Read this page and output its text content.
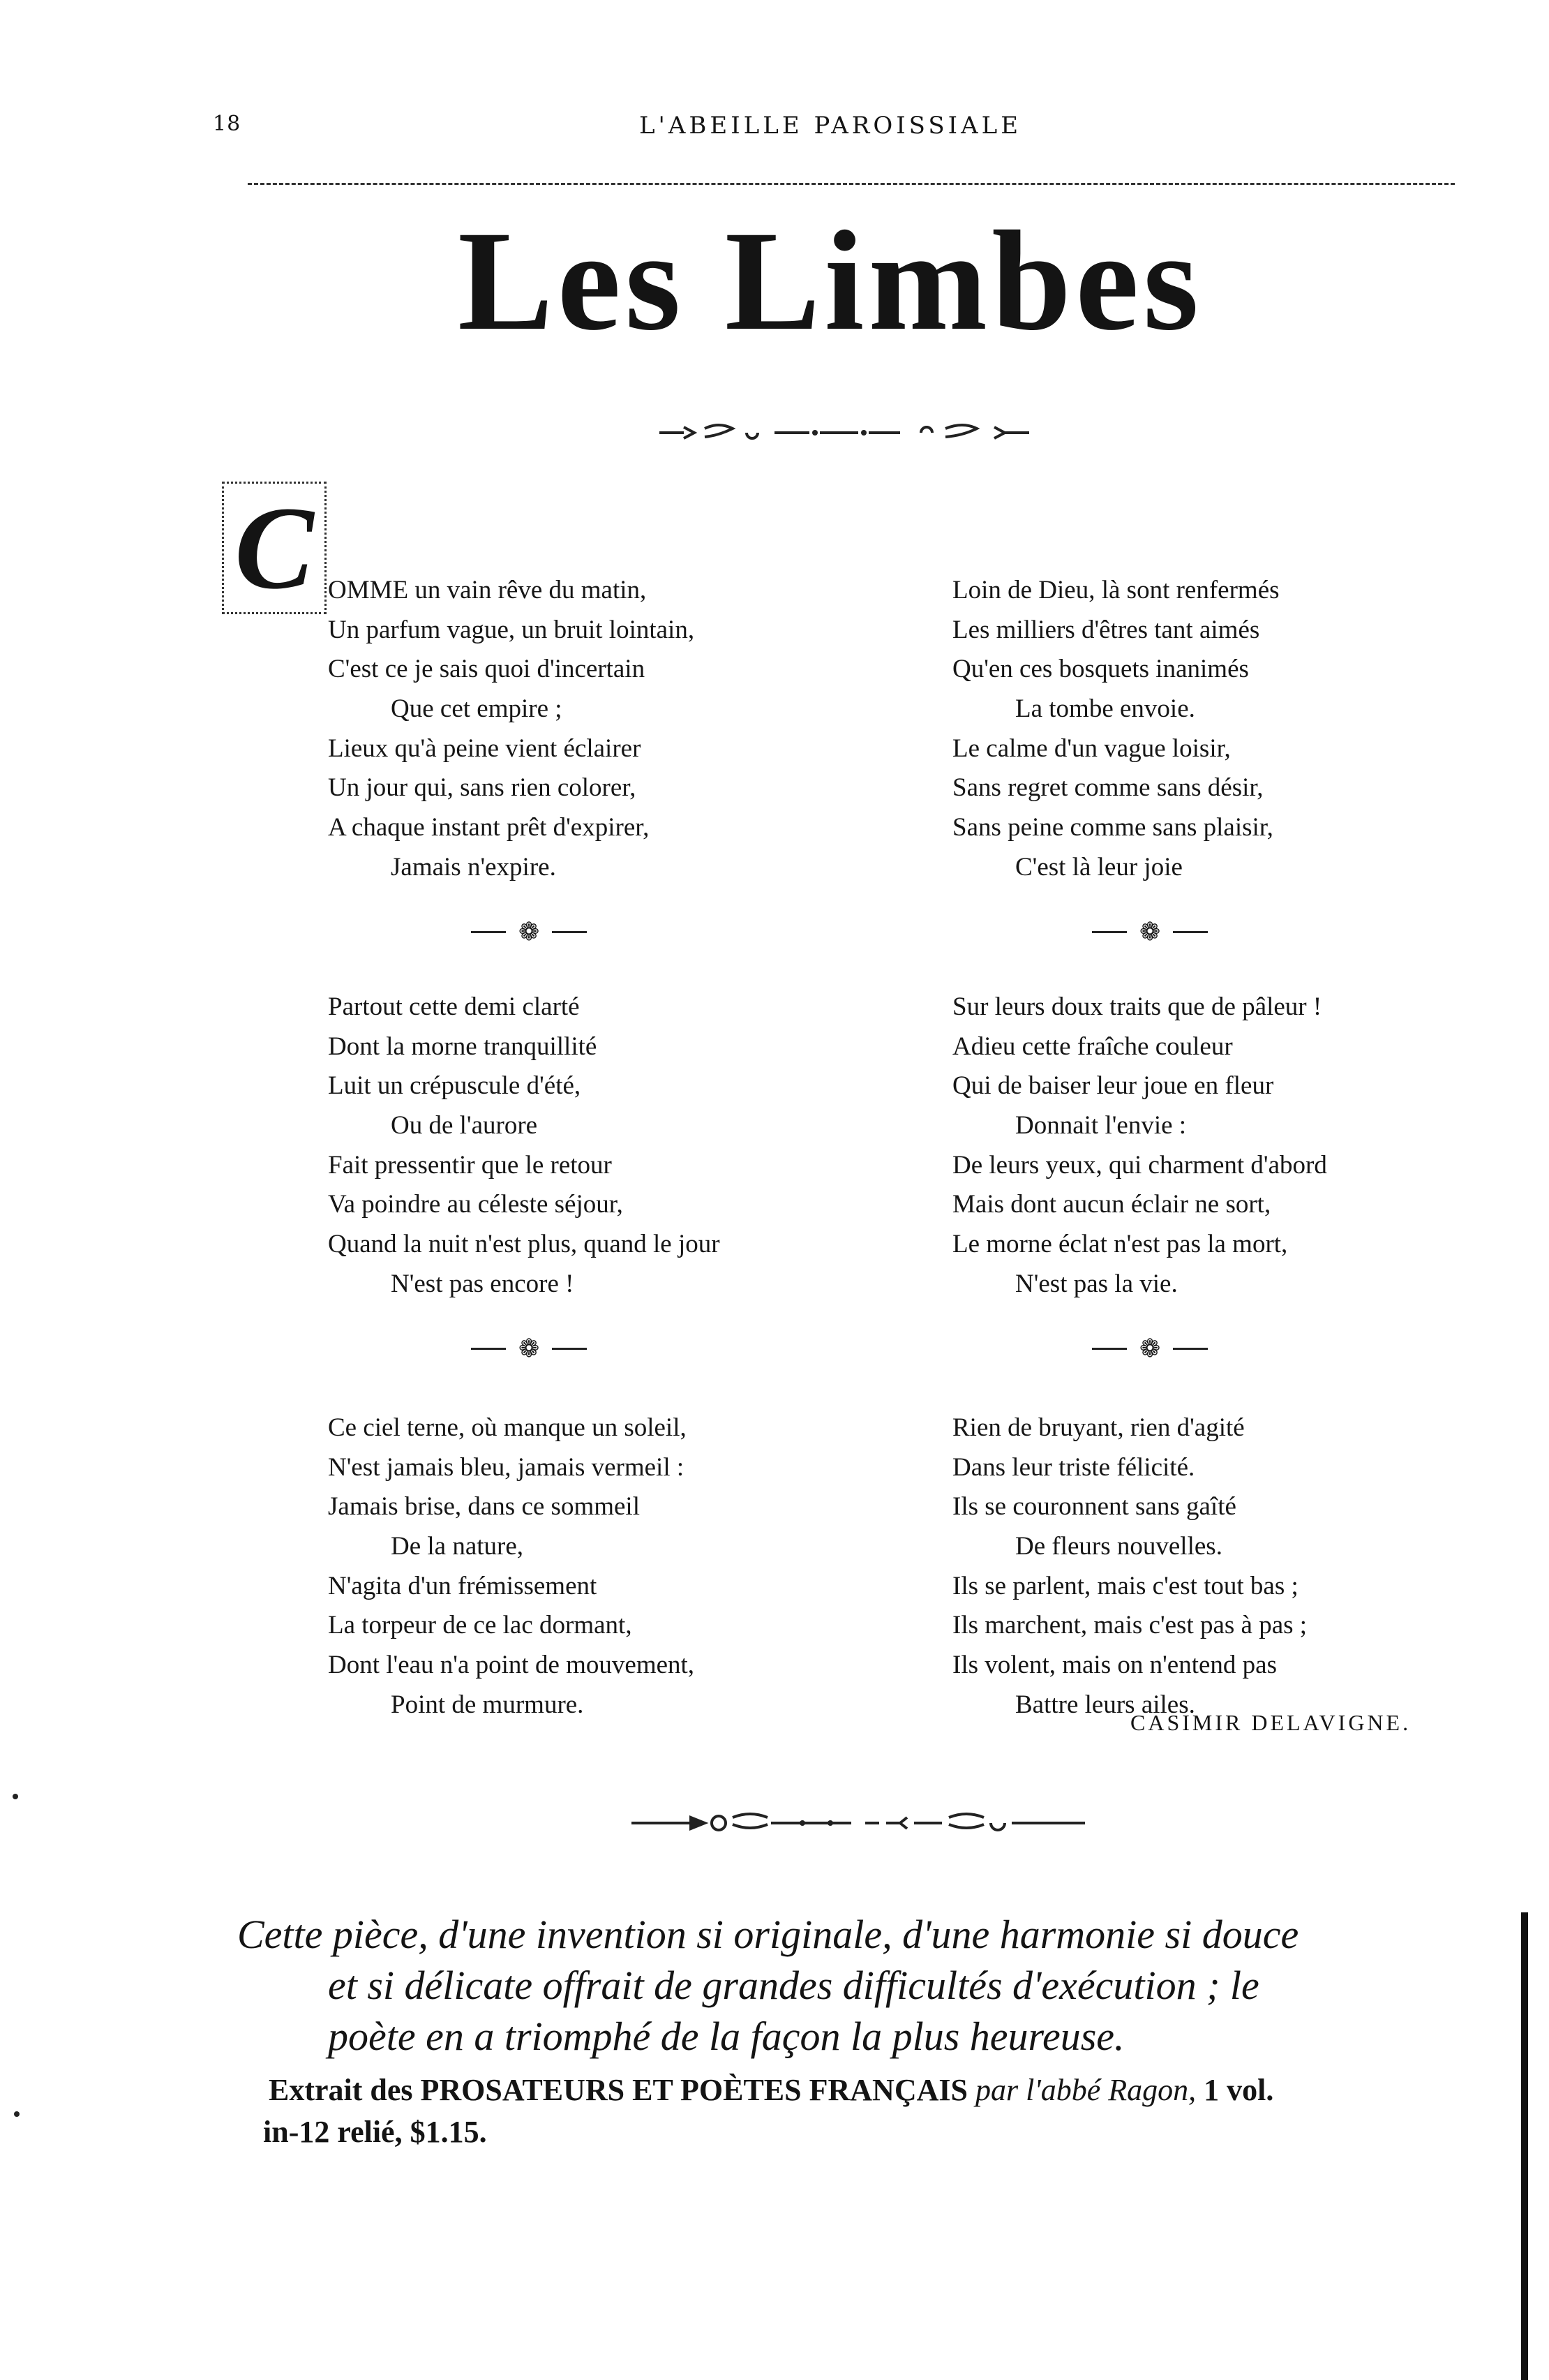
18	L'ABEILLE PAROISSIALE
Les Limbes
C OMME un vain rêve du matin,
Un parfum vague, un bruit lointain,
C'est ce je sais quoi d'incertain
Que cet empire ;
Lieux qu'à peine vient éclairer
Un jour qui, sans rien colorer,
A chaque instant prêt d'expirer,
Jamais n'expire.
❁
Partout cette demi clarté
Dont la morne tranquillité
Luit un crépuscule d'été,
Ou de l'aurore
Fait pressentir que le retour
Va poindre au céleste séjour,
Quand la nuit n'est plus, quand le jour
N'est pas encore !
❁
Ce ciel terne, où manque un soleil,
N'est jamais bleu, jamais vermeil :
Jamais brise, dans ce sommeil
De la nature,
N'agita d'un frémissement
La torpeur de ce lac dormant,
Dont l'eau n'a point de mouvement,
Point de murmure.
Loin de Dieu, là sont renfermés
Les milliers d'êtres tant aimés
Qu'en ces bosquets inanimés
La tombe envoie.
Le calme d'un vague loisir,
Sans regret comme sans désir,
Sans peine comme sans plaisir,
C'est là leur joie
❁
Sur leurs doux traits que de pâleur !
Adieu cette fraîche couleur
Qui de baiser leur joue en fleur
Donnait l'envie :
De leurs yeux, qui charment d'abord
Mais dont aucun éclair ne sort,
Le morne éclat n'est pas la mort,
N'est pas la vie.
❁
Rien de bruyant, rien d'agité
Dans leur triste félicité.
Ils se couronnent sans gaîté
De fleurs nouvelles.
Ils se parlent, mais c'est tout bas ;
Ils marchent, mais c'est pas à pas ;
Ils volent, mais on n'entend pas
Battre leurs ailes.
CASIMIR DELAVIGNE.
Cette pièce, d'une invention si originale, d'une harmonie si douce
et si délicate offrait de grandes difficultés d'exécution ; le
poète en a triomphé de la façon la plus heureuse.
Extrait des PROSATEURS ET POÈTES FRANÇAIS par l'abbé Ragon, 1 vol.
in-12 relié, $1.15.
